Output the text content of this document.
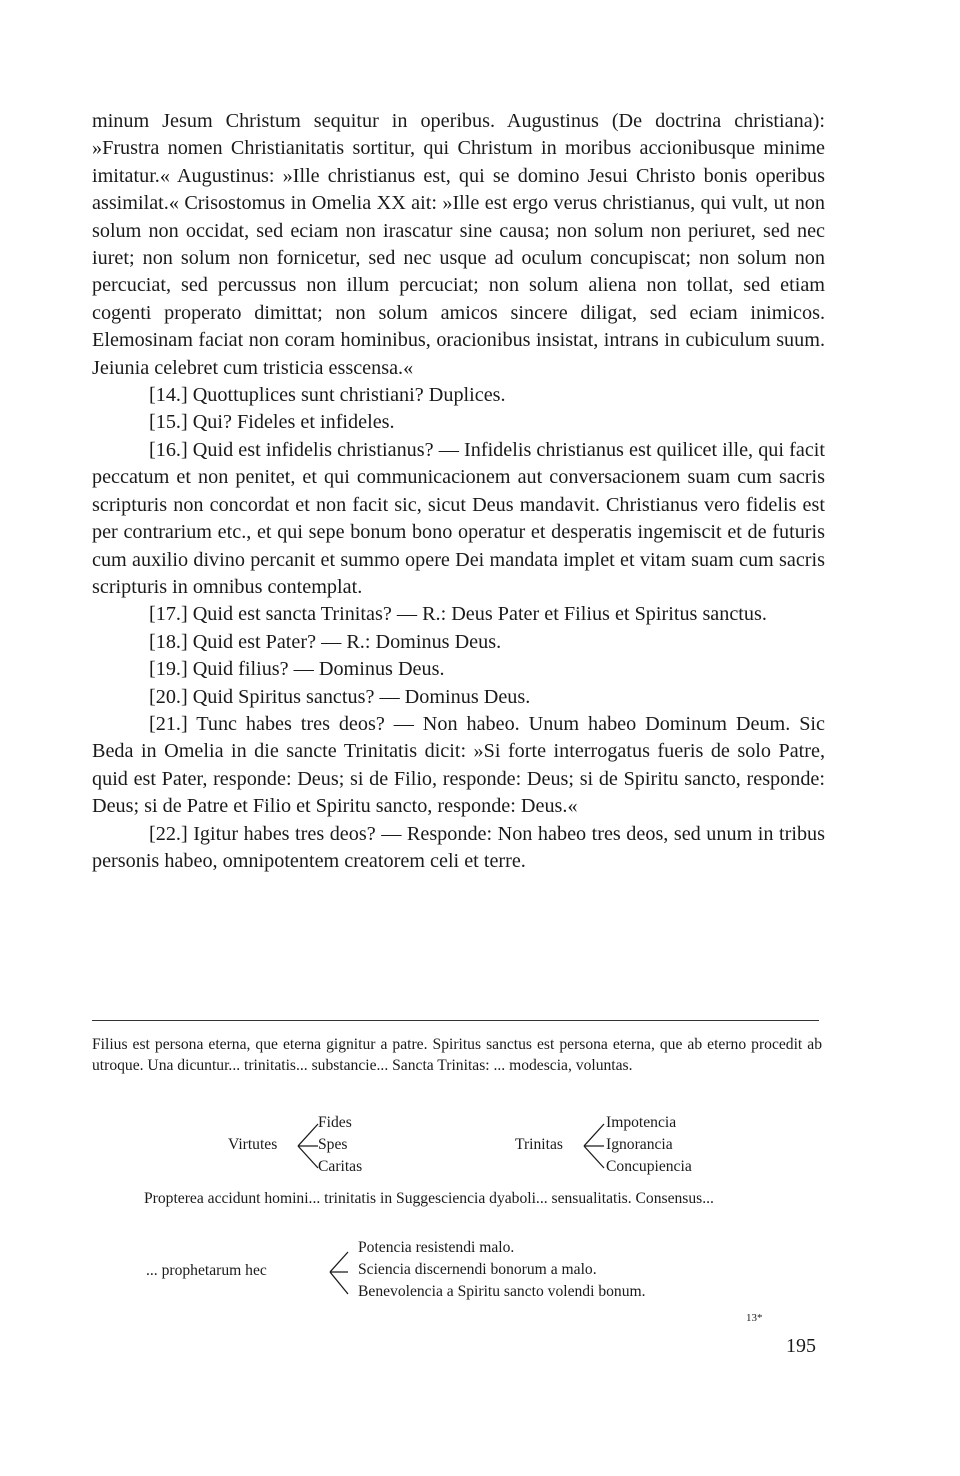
minum Jesum Christum sequitur in operibus. Augustinus (De doctrina christiana): »Frustra nomen Christianitatis sortitur, qui Christum in moribus accionibusque minime imitatur.« Augustinus: »Ille christianus est, qui se domino Jesui Christo bonis operibus assimilat.« Crisostomus in Omelia XX ait: »Ille est ergo verus christianus, qui vult, ut non solum non occidat, sed eciam non irascatur sine causa; non solum non periuret, sed nec iuret; non solum non fornicetur, sed nec usque ad oculum concupiscat; non solum non percuciat, sed percussus non illum percuciat; non solum aliena non tollat, sed etiam cogenti properato dimittat; non solum amicos sincere diligat, sed eciam inimicos. Elemosinam faciat non coram hominibus, oracionibus insistat, intrans in cubiculum suum. Jeiunia celebret cum tristicia esscensa.«

[14.] Quottuplices sunt christiani? Duplices.

[15.] Qui? Fideles et infideles.

[16.] Quid est infidelis christianus? — Infidelis christianus est quilicet ille, qui facit peccatum et non penitet, et qui communicacionem aut conversacionem suam cum sacris scripturis non concordat et non facit sic, sicut Deus mandavit. Christianus vero fidelis est per contrarium etc., et qui sepe bonum bono operatur et desperatis ingemiscit et de futuris cum auxilio divino percanit et summo opere Dei mandata implet et vitam suam cum sacris scripturis in omnibus contemplat.

[17.] Quid est sancta Trinitas? — R.: Deus Pater et Filius et Spiritus sanctus.

[18.] Quid est Pater? — R.: Dominus Deus.

[19.] Quid filius? — Dominus Deus.

[20.] Quid Spiritus sanctus? — Dominus Deus.

[21.] Tunc habes tres deos? — Non habeo. Unum habeo Dominum Deum. Sic Beda in Omelia in die sancte Trinitatis dicit: »Si forte interrogatus fueris de solo Patre, quid est Pater, responde: Deus; si de Filio, responde: Deus; si de Spiritu sancto, responde: Deus; si de Patre et Filio et Spiritu sancto, responde: Deus.«

[22.] Igitur habes tres deos? — Responde: Non habeo tres deos, sed unum in tribus personis habeo, omnipotentem creatorem celi et terre.

Filius est persona eterna, que eterna gignitur a patre. Spiritus sanctus est persona eterna, que ab eterno procedit ab utroque. Una dicuntur... trinitatis... substancie... Sancta Trinitas: ... modescia, voluntas.

Virtutes
Fides
Spes
Caritas
Trinitas
Impotencia
Ignorancia
Concupiencia

Propterea accidunt homini... trinitatis in Suggesciencia dyaboli... sensualitatis. Consensus...

... prophetarum hec
Potencia resistendi malo.
Sciencia discernendi bonorum a malo.
Benevolencia a Spiritu sancto volendi bonum.
13*
195
